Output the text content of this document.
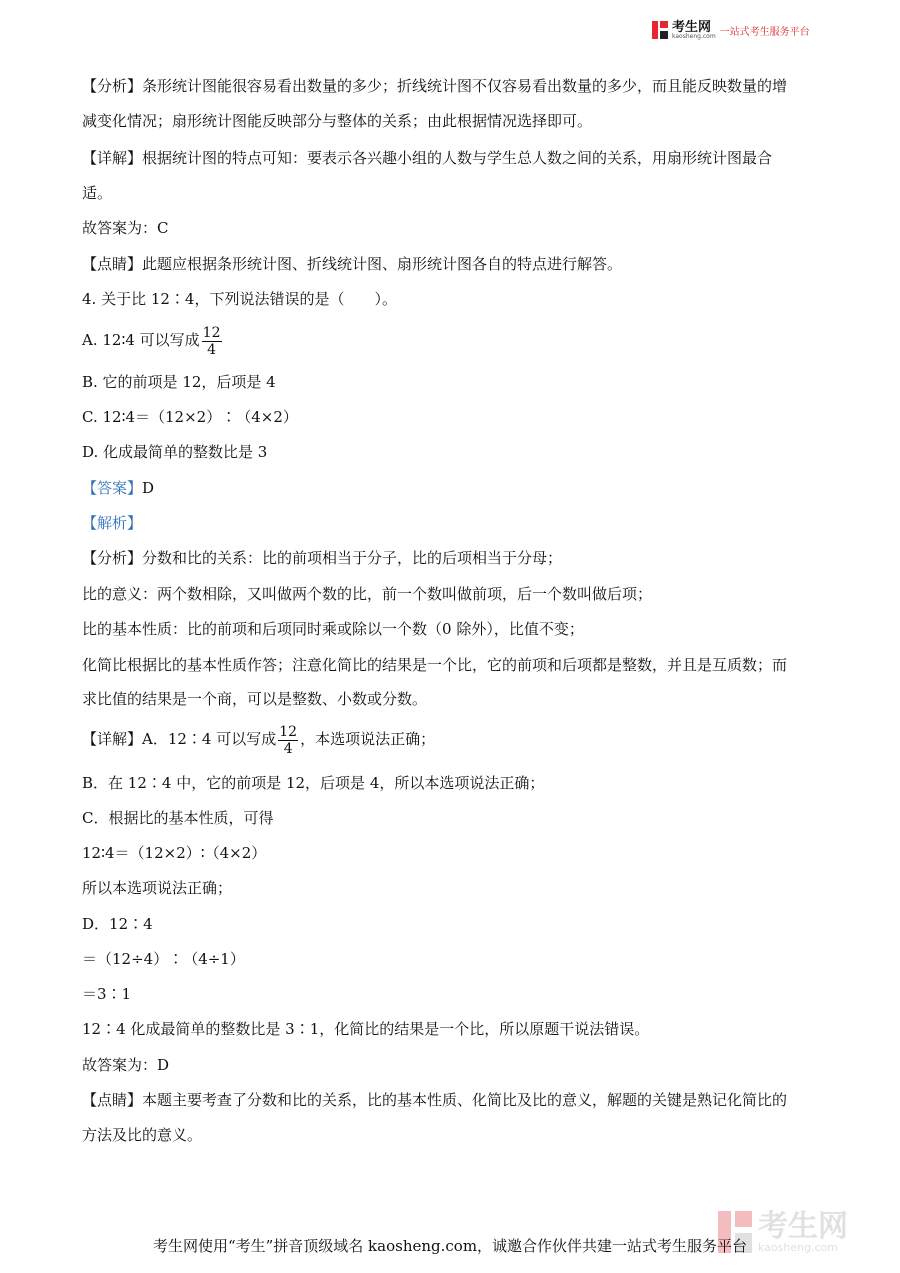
考生网
kaosheng.com 一站式考生服务平台
【分析】条形统计图能很容易看出数量的多少；折线统计图不仅容易看出数量的多少，而且能反映数量的增
减变化情况；扇形统计图能反映部分与整体的关系；由此根据情况选择即可。
【详解】根据统计图的特点可知：要表示各兴趣小组的人数与学生总人数之间的关系，用扇形统计图最合
适。
故答案为：C
【点睛】此题应根据条形统计图、折线统计图、扇形统计图各自的特点进行解答。
4. 关于比 12∶4，下列说法错误的是（　　）。
A. 12∶4 可以写成 $\frac{12}{4}$
B. 它的前项是 12，后项是 4
C. 12∶4＝（12×2）∶（4×2）
D. 化成最简单的整数比是 3
【答案】D
【解析】
【分析】分数和比的关系：比的前项相当于分子，比的后项相当于分母；
比的意义：两个数相除，又叫做两个数的比，前一个数叫做前项，后一个数叫做后项；
比的基本性质：比的前项和后项同时乘或除以一个数（0 除外），比值不变；
化简比根据比的基本性质作答；注意化简比的结果是一个比，它的前项和后项都是整数，并且是互质数；而
求比值的结果是一个商，可以是整数、小数或分数。
【详解】A．12∶4 可以写成 $\frac{12}{4}$ ，本选项说法正确；
B．在 12∶4 中，它的前项是 12，后项是 4，所以本选项说法正确；
C．根据比的基本性质，可得
12∶4＝（12×2）∶（4×2）
所以本选项说法正确；
D．12∶4
＝（12÷4）∶（4÷1）
＝3∶1
12∶4 化成最简单的整数比是 3∶1，化简比的结果是一个比，所以原题干说法错误。
故答案为：D
【点睛】本题主要考查了分数和比的关系，比的基本性质、化简比及比的意义，解题的关键是熟记化简比的
方法及比的意义。
考生网
kaosheng.com
考生网使用“考生”拼音顶级域名 kaosheng.com，诚邀合作伙伴共建一站式考生服务平台
